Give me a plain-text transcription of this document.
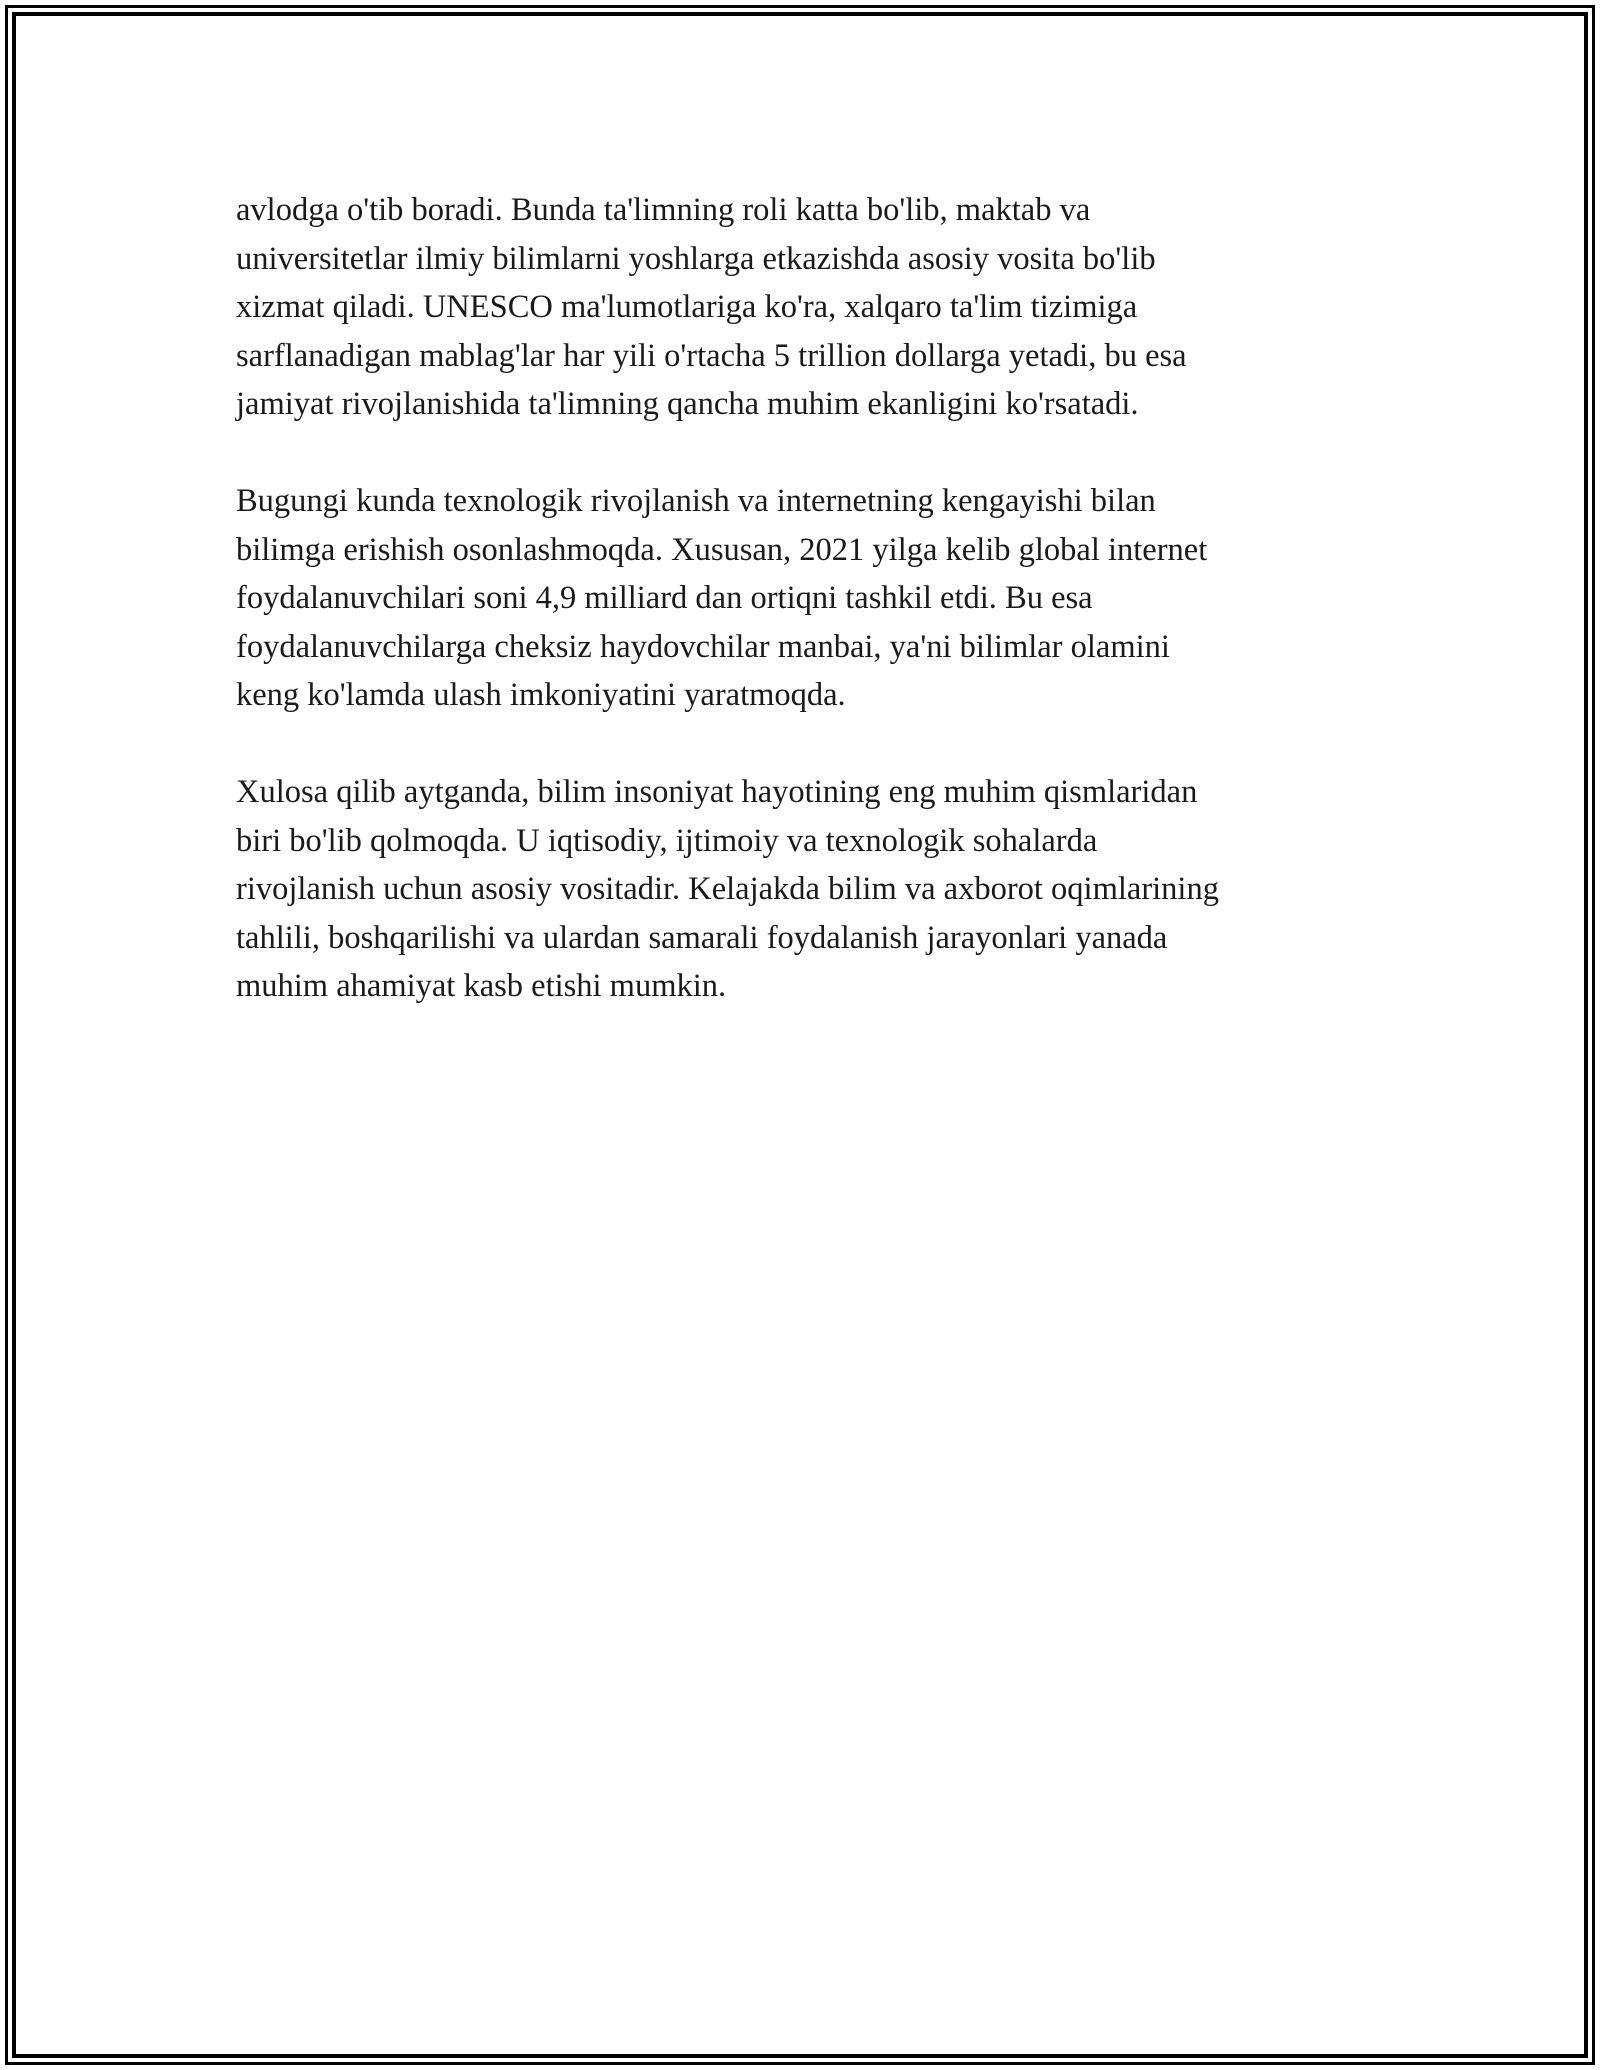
avlodga o'tib boradi. Bunda ta'limning roli katta bo'lib, maktab va
universitetlar ilmiy bilimlarni yoshlarga etkazishda asosiy vosita bo'lib
xizmat qiladi. UNESCO ma'lumotlariga ko'ra, xalqaro ta'lim tizimiga
sarflanadigan mablag'lar har yili o'rtacha 5 trillion dollarga yetadi, bu esa
jamiyat rivojlanishida ta'limning qancha muhim ekanligini ko'rsatadi.

Bugungi kunda texnologik rivojlanish va internetning kengayishi bilan
bilimga erishish osonlashmoqda. Xususan, 2021 yilga kelib global internet
foydalanuvchilari soni 4,9 milliard dan ortiqni tashkil etdi. Bu esa
foydalanuvchilarga cheksiz haydovchilar manbai, ya'ni bilimlar olamini
keng ko'lamda ulash imkoniyatini yaratmoqda.

Xulosa qilib aytganda, bilim insoniyat hayotining eng muhim qismlaridan
biri bo'lib qolmoqda. U iqtisodiy, ijtimoiy va texnologik sohalarda
rivojlanish uchun asosiy vositadir. Kelajakda bilim va axborot oqimlarining
tahlili, boshqarilishi va ulardan samarali foydalanish jarayonlari yanada
muhim ahamiyat kasb etishi mumkin.
